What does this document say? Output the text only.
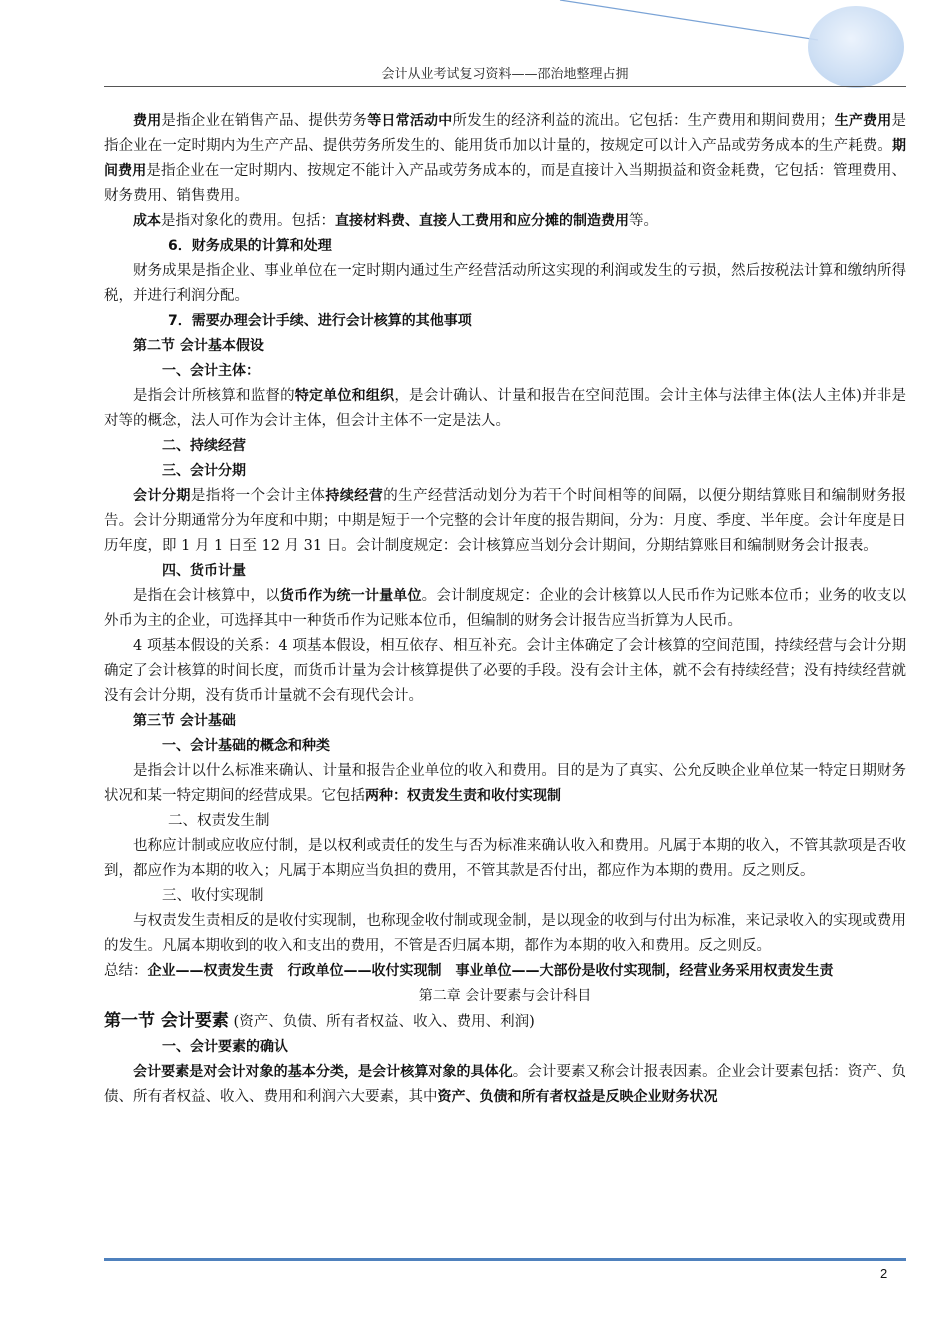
会计从业考试复习资料——邵治地整理占拥

费用是指企业在销售产品、提供劳务等日常活动中所发生的经济利益的流出。它包括：生产费用和期间费用；生产费用是指企业在一定时期内为生产产品、提供劳务所发生的、能用货币加以计量的，按规定可以计入产品或劳务成本的生产耗费。期间费用是指企业在一定时期内、按规定不能计入产品或劳务成本的，而是直接计入当期损益和资金耗费，它包括：管理费用、财务费用、销售费用。

成本是指对象化的费用。包括：直接材料费、直接人工费用和应分摊的制造费用等。

6．财务成果的计算和处理

财务成果是指企业、事业单位在一定时期内通过生产经营活动所这实现的利润或发生的亏损，然后按税法计算和缴纳所得税，并进行利润分配。

7．需要办理会计手续、进行会计核算的其他事项

第二节 会计基本假设

一、会计主体：

是指会计所核算和监督的特定单位和组织，是会计确认、计量和报告在空间范围。会计主体与法律主体(法人主体)并非是对等的概念，法人可作为会计主体，但会计主体不一定是法人。

二、持续经营

三、会计分期

会计分期是指将一个会计主体持续经营的生产经营活动划分为若干个时间相等的间隔，以便分期结算账目和编制财务报告。会计分期通常分为年度和中期；中期是短于一个完整的会计年度的报告期间，分为：月度、季度、半年度。会计年度是日历年度，即 1 月 1 日至 12 月 31 日。会计制度规定：会计核算应当划分会计期间，分期结算账目和编制财务会计报表。

四、货币计量

是指在会计核算中，以货币作为统一计量单位。会计制度规定：企业的会计核算以人民币作为记账本位币；业务的收支以外币为主的企业，可选择其中一种货币作为记账本位币，但编制的财务会计报告应当折算为人民币。

4 项基本假设的关系：4 项基本假设，相互依存、相互补充。会计主体确定了会计核算的空间范围，持续经营与会计分期确定了会计核算的时间长度，而货币计量为会计核算提供了必要的手段。没有会计主体，就不会有持续经营；没有持续经营就没有会计分期，没有货币计量就不会有现代会计。

第三节 会计基础

一、会计基础的概念和种类

是指会计以什么标准来确认、计量和报告企业单位的收入和费用。目的是为了真实、公允反映企业单位某一特定日期财务状况和某一特定期间的经营成果。它包括两种：权责发生责和收付实现制

二、权责发生制

也称应计制或应收应付制，是以权利或责任的发生与否为标准来确认收入和费用。凡属于本期的收入，不管其款项是否收到，都应作为本期的收入；凡属于本期应当负担的费用，不管其款是否付出，都应作为本期的费用。反之则反。

三、收付实现制

与权责发生责相反的是收付实现制，也称现金收付制或现金制，是以现金的收到与付出为标准，来记录收入的实现或费用的发生。凡属本期收到的收入和支出的费用，不管是否归属本期，都作为本期的收入和费用。反之则反。

总结：企业——权责发生责　行政单位——收付实现制　事业单位——大部份是收付实现制，经营业务采用权责发生责

第二章 会计要素与会计科目

第一节 会计要素 (资产、负债、所有者权益、收入、费用、利润)

一、会计要素的确认

会计要素是对会计对象的基本分类，是会计核算对象的具体化。会计要素又称会计报表因素。企业会计要素包括：资产、负债、所有者权益、收入、费用和利润六大要素，其中资产、负债和所有者权益是反映企业财务状况

2
